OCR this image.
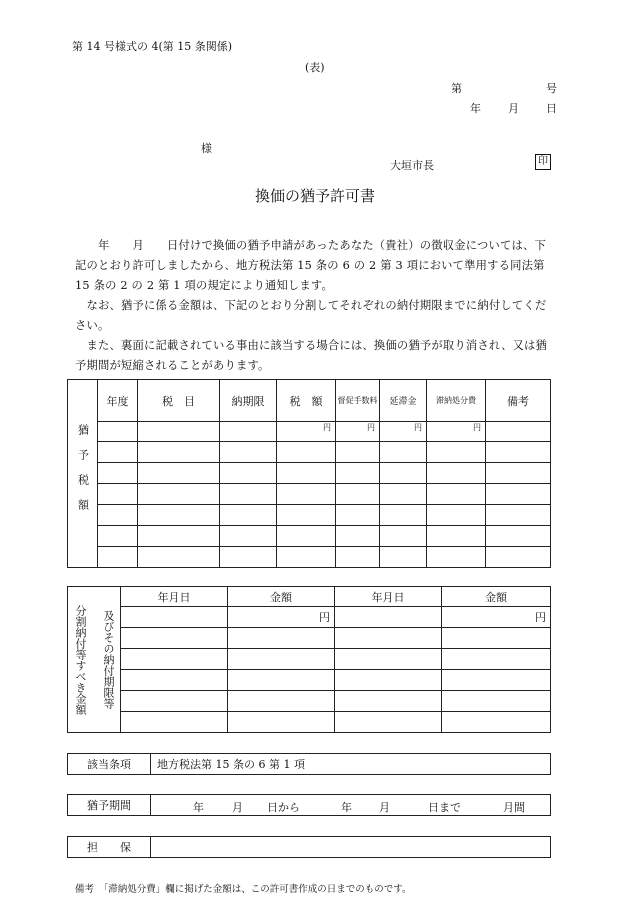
第 14 号様式の 4(第 15 条関係)
(表)
第	号
年 月 日
様
大垣市長	印
換価の猶予許可書

　　年　　月　　日付けで換価の猶予申請があったあなた（貴社）の徴収金については、下記のとおり許可しましたから、地方税法第 15 条の 6 の 2 第 3 項において準用する同法第 15 条の 2 の 2 第 1 項の規定により通知します。

　なお、猶予に係る金額は、下記のとおり分割してそれぞれの納付期限までに納付してください。

　また、裏面に記載されている事由に該当する場合には、換価の猶予が取り消され、又は猶予期間が短縮されることがあります。

猶予税額	年度	税　目	納期限	税　額	督促手数料	延滞金	滞納処分費	備考
				円	円	円	円	

分割納付等すべき金額 及びその納付期限等	年月日	金額	年月日	金額
		円		円

該当条項	地方税法第 15 条の 6 第 1 項
猶予期間	年	月 日から	年 月	日まで	月間
担　　保	
備考　「滞納処分費」欄に掲げた金額は、この許可書作成の日までのものです。
